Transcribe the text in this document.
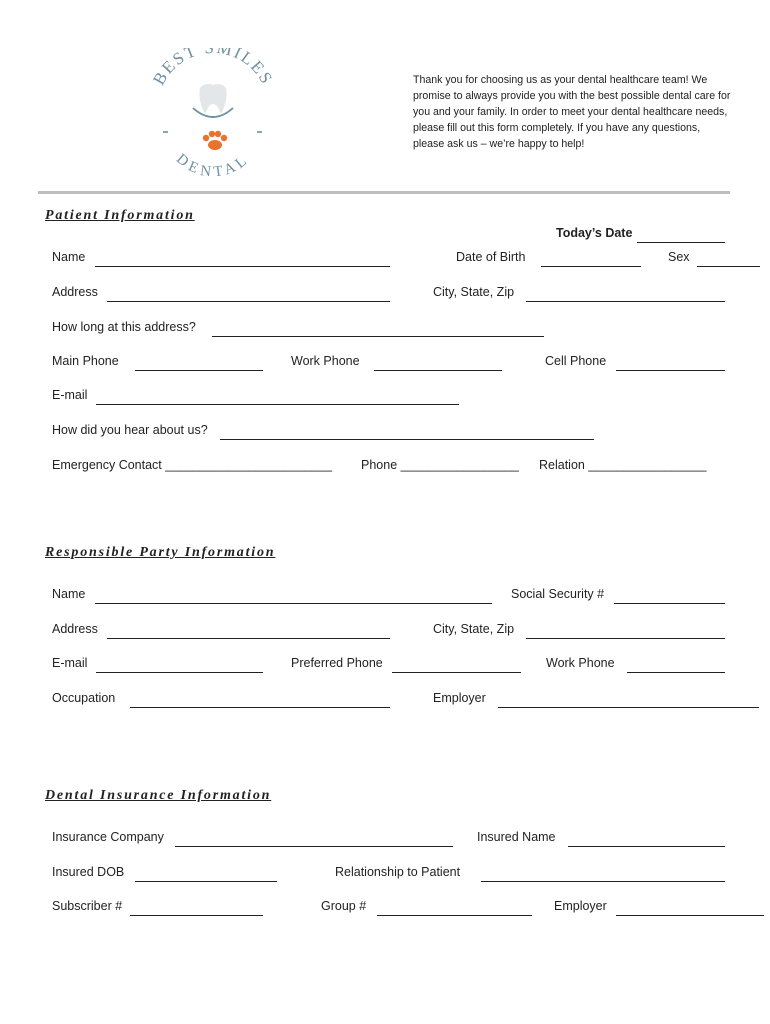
BEST MILES
DENTAL
Thank you for choosing us as your dental healthcare team! We promise to always provide you with the best possible dental care for you and your family. In order to meet your dental healthcare needs, please fill out this form completely. If you have any questions, please ask us – we’re happy to help!
Patient Information
Today’s Date
Name	Date of Birth	Sex
Address	City, State, Zip
How long at this address?
Main Phone	Work Phone	Cell Phone
E-mail
How did you hear about us?
Emergency Contact ________________________ Phone _________________ Relation _________________
Responsible Party Information
Name	Social Security #
Address	City, State, Zip
E-mail	Preferred Phone	Work Phone
Occupation	Employer
Dental Insurance Information
Insurance Company	Insured Name
Insured DOB	Relationship to Patient
Subscriber #	Group #	Employer
